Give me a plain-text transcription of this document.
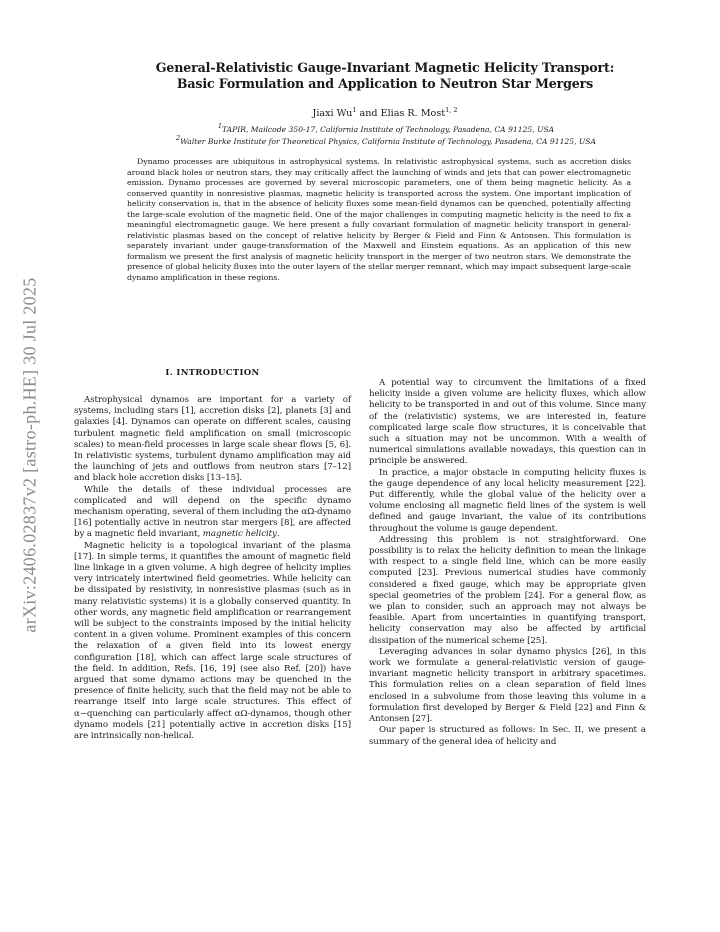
arXiv:2406.02837v2 [astro-ph.HE] 30 Jul 2025
General-Relativistic Gauge-Invariant Magnetic Helicity Transport:
Basic Formulation and Application to Neutron Star Mergers
Jiaxi Wu$^1$ and Elias R. Most$^{1, 2}$
$^1$TAPIR, Mailcode 350-17, California Institute of Technology, Pasadena, CA 91125, USA
$^2$Walter Burke Institute for Theoretical Physics, California Institute of Technology, Pasadena, CA 91125, USA

Dynamo processes are ubiquitous in astrophysical systems. In relativistic astrophysical systems, such as accretion disks around black holes or neutron stars, they may critically affect the launching of winds and jets that can power electromagnetic emission. Dynamo processes are governed by several microscopic parameters, one of them being magnetic helicity. As a conserved quantity in nonresistive plasmas, magnetic helicity is transported across the system. One important implication of helicity conservation is, that in the absence of helicity fluxes some mean-field dynamos can be quenched, potentially affecting the large-scale evolution of the magnetic field. One of the major challenges in computing magnetic helicity is the need to fix a meaningful electromagnetic gauge. We here present a fully covariant formulation of magnetic helicity transport in general-relativistic plasmas based on the concept of relative helicity by Berger & Field and Finn & Antonsen. This formulation is separately invariant under gauge-transformation of the Maxwell and Einstein equations. As an application of this new formalism we present the first analysis of magnetic helicity transport in the merger of two neutron stars. We demonstrate the presence of global helicity fluxes into the outer layers of the stellar merger remnant, which may impact subsequent large-scale dynamo amplification in these regions.

I. INTRODUCTION

Astrophysical dynamos are important for a variety of systems, including stars [1], accretion disks [2], planets [3] and galaxies [4]. Dynamos can operate on different scales, causing turbulent magnetic field amplification on small (microscopic scales) to mean-field processes in large scale shear flows [5, 6]. In relativistic systems, turbulent dynamo amplification may aid the launching of jets and outflows from neutron stars [7–12] and black hole accretion disks [13–15].

While the details of these individual processes are complicated and will depend on the specific dynamo mechanism operating, several of them including the αΩ-dynamo [16] potentially active in neutron star mergers [8], are affected by a magnetic field invariant, magnetic helicity.

Magnetic helicity is a topological invariant of the plasma [17]. In simple terms, it quantifies the amount of magnetic field line linkage in a given volume. A high degree of helicity implies very intricately intertwined field geometries. While helicity can be dissipated by resistivity, in nonresistive plasmas (such as in many relativistic systems) it is a globally conserved quantity. In other words, any magnetic field amplification or rearrangement will be subject to the constraints imposed by the initial helicity content in a given volume. Prominent examples of this concern the relaxation of a given field into its lowest energy configuration [18], which can affect large scale structures of the field. In addition, Refs. [16, 19] (see also Ref. [20]) have argued that some dynamo actions may be quenched in the presence of finite helicity, such that the field may not be able to rearrange itself into large scale structures. This effect of α−quenching can particularly affect αΩ-dynamos, though other dynamo models [21] potentially active in accretion disks [15] are intrinsically non-helical.

A potential way to circumvent the limitations of a fixed helicity inside a given volume are helicity fluxes, which allow helicity to be transported in and out of this volume. Since many of the (relativistic) systems, we are interested in, feature complicated large scale flow structures, it is conceivable that such a situation may not be uncommon. With a wealth of numerical simulations available nowadays, this question can in principle be answered.

In practice, a major obstacle in computing helicity fluxes is the gauge dependence of any local helicity measurement [22]. Put differently, while the global value of the helicity over a volume enclosing all magnetic field lines of the system is well defined and gauge invariant, the value of its contributions throughout the volume is gauge dependent.

Addressing this problem is not straightforward. One possibility is to relax the helicity definition to mean the linkage with respect to a single field line, which can be more easily computed [23]. Previous numerical studies have commonly considered a fixed gauge, which may be appropriate given special geometries of the problem [24]. For a general flow, as we plan to consider, such an approach may not always be feasible. Apart from uncertainties in quantifying transport, helicity conservation may also be affected by artificial dissipation of the numerical scheme [25].

Leveraging advances in solar dynamo physics [26], in this work we formulate a general-relativistic version of gauge-invariant magnetic helicity transport in arbitrary spacetimes. This formulation relies on a clean separation of field lines enclosed in a subvolume from those leaving this volume in a formulation first developed by Berger & Field [22] and Finn & Antonsen [27].

Our paper is structured as follows: In Sec. II, we present a summary of the general idea of helicity and
